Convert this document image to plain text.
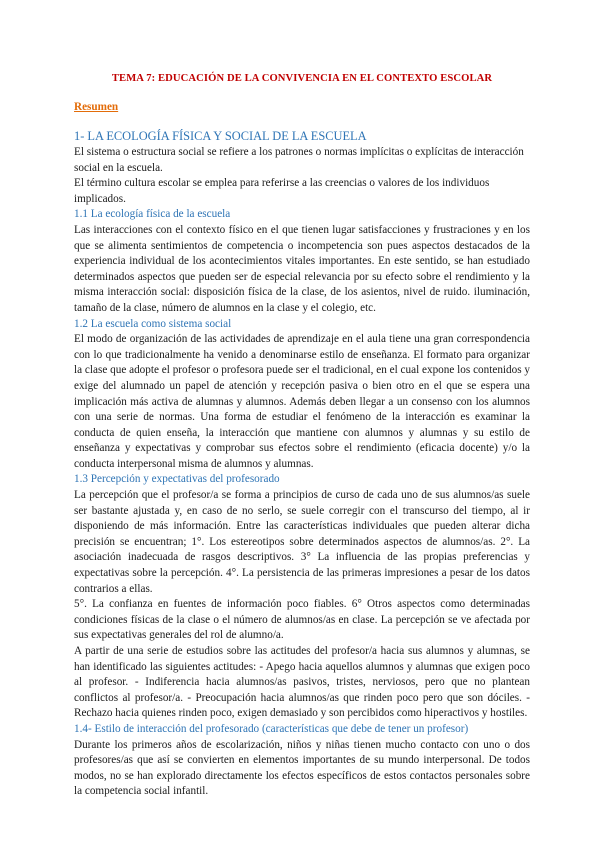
TEMA 7: EDUCACIÓN DE LA CONVIVENCIA EN EL CONTEXTO ESCOLAR
Resumen
1- LA ECOLOGÍA FÍSICA Y SOCIAL DE LA ESCUELA

El sistema o estructura social se refiere a los patrones o normas implícitas o explícitas de interacción social en la escuela.

El término cultura escolar se emplea para referirse a las creencias o valores de los individuos implicados.

1.1 La ecología física de la escuela

Las interacciones con el contexto físico en el que tienen lugar satisfacciones y frustraciones y en los que se alimenta sentimientos de competencia o incompetencia son pues aspectos destacados de la experiencia individual de los acontecimientos vitales importantes. En este sentido, se han estudiado determinados aspectos que pueden ser de especial relevancia por su efecto sobre el rendimiento y la misma interacción social: disposición física de la clase, de los asientos, nivel de ruido. iluminación, tamaño de la clase, número de alumnos en la clase y el colegio, etc.

1.2 La escuela como sistema social

El modo de organización de las actividades de aprendizaje en el aula tiene una gran correspondencia con lo que tradicionalmente ha venido a denominarse estilo de enseñanza. El formato para organizar la clase que adopte el profesor o profesora puede ser el tradicional, en el cual expone los contenidos y exige del alumnado un papel de atención y recepción pasiva o bien otro en el que se espera una implicación más activa de alumnas y alumnos. Además deben llegar a un consenso con los alumnos con una serie de normas. Una forma de estudiar el fenómeno de la interacción es examinar la conducta de quien enseña, la interacción que mantiene con alumnos y alumnas y su estilo de enseñanza y expectativas y comprobar sus efectos sobre el rendimiento (eficacia docente) y/o la conducta interpersonal misma de alumnos y alumnas.

1.3 Percepción y expectativas del profesorado

La percepción que el profesor/a se forma a principios de curso de cada uno de sus alumnos/as suele ser bastante ajustada y, en caso de no serlo, se suele corregir con el transcurso del tiempo, al ir disponiendo de más información. Entre las características individuales que pueden alterar dicha precisión se encuentran; 1°. Los estereotipos sobre determinados aspectos de alumnos/as. 2°. La asociación inadecuada de rasgos descriptivos. 3° La influencia de las propias preferencias y expectativas sobre la percepción. 4°. La persistencia de las primeras impresiones a pesar de los datos contrarios a ellas.

5°. La confianza en fuentes de información poco fiables. 6° Otros aspectos como determinadas condiciones físicas de la clase o el número de alumnos/as en clase. La percepción se ve afectada por sus expectativas generales del rol de alumno/a.

A partir de una serie de estudios sobre las actitudes del profesor/a hacia sus alumnos y alumnas, se han identificado las siguientes actitudes: - Apego hacia aquellos alumnos y alumnas que exigen poco al profesor. - Indiferencia hacia alumnos/as pasivos, tristes, nerviosos, pero que no plantean conflictos al profesor/a. - Preocupación hacia alumnos/as que rinden poco pero que son dóciles. - Rechazo hacia quienes rinden poco, exigen demasiado y son percibidos como hiperactivos y hostiles.

1.4- Estilo de interacción del profesorado (características que debe de tener un profesor)

Durante los primeros años de escolarización, niños y niñas tienen mucho contacto con uno o dos profesores/as que así se convierten en elementos importantes de su mundo interpersonal. De todos modos, no se han explorado directamente los efectos específicos de estos contactos personales sobre la competencia social infantil.
